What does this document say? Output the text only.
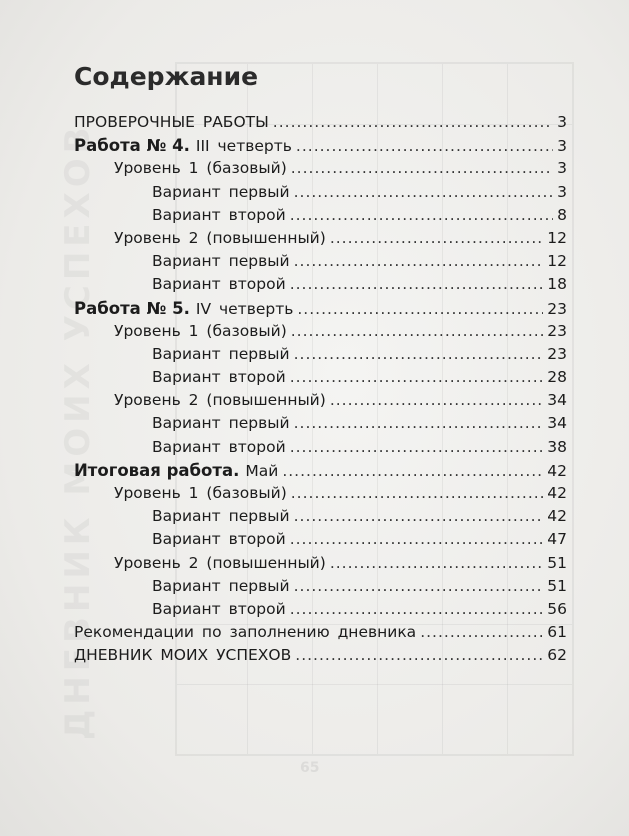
ДНЕВНИК МОИХ УСПЕХОВ
65
Содержание
ПРОВЕРОЧНЫЕ РАБОТЫ .....	3
Работа № 4. III четверть .....	3
Уровень 1 (базовый) .....	3
Вариант первый .....	3
Вариант второй .....	8
Уровень 2 (повышенный) .....	12
Вариант первый .....	12
Вариант второй .....	18
Работа № 5. IV четверть .....	23
Уровень 1 (базовый) .....	23
Вариант первый .....	23
Вариант второй .....	28
Уровень 2 (повышенный) .....	34
Вариант первый .....	34
Вариант второй .....	38
Итоговая работа. Май .....	42
Уровень 1 (базовый) .....	42
Вариант первый .....	42
Вариант второй .....	47
Уровень 2 (повышенный) .....	51
Вариант первый .....	51
Вариант второй .....	56
Рекомендации по заполнению дневника .....	61
ДНЕВНИК МОИХ УСПЕХОВ .....	62
